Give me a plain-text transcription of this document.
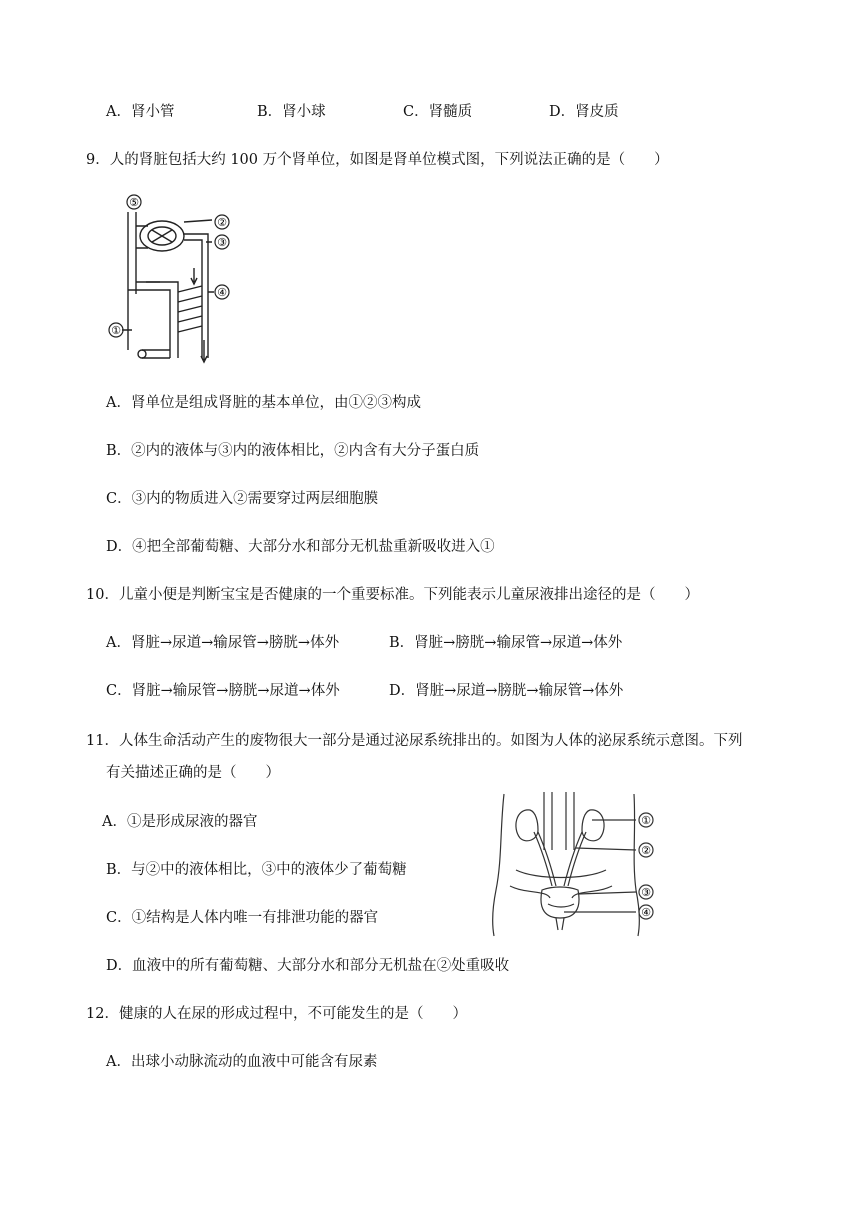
A．肾小管	B．肾小球	C．肾髓质	D．肾皮质
9．人的肾脏包括大约 100 万个肾单位，如图是肾单位模式图，下列说法正确的是（　　）
⑤
②
③
④
①
A．肾单位是组成肾脏的基本单位，由①②③构成
B．②内的液体与③内的液体相比，②内含有大分子蛋白质
C．③内的物质进入②需要穿过两层细胞膜
D．④把全部葡萄糖、大部分水和部分无机盐重新吸收进入①
10．儿童小便是判断宝宝是否健康的一个重要标准。下列能表示儿童尿液排出途径的是（　　）
A．肾脏→尿道→输尿管→膀胱→体外	B．肾脏→膀胱→输尿管→尿道→体外
C．肾脏→输尿管→膀胱→尿道→体外	D．肾脏→尿道→膀胱→输尿管→体外
11．人体生命活动产生的废物很大一部分是通过泌尿系统排出的。如图为人体的泌尿系统示意图。下列
有关描述正确的是（　　）
A．①是形成尿液的器官
B．与②中的液体相比，③中的液体少了葡萄糖
C．①结构是人体内唯一有排泄功能的器官
D．血液中的所有葡萄糖、大部分水和部分无机盐在②处重吸收
①
②
③
④
12．健康的人在尿的形成过程中，不可能发生的是（　　）
A．出球小动脉流动的血液中可能含有尿素
